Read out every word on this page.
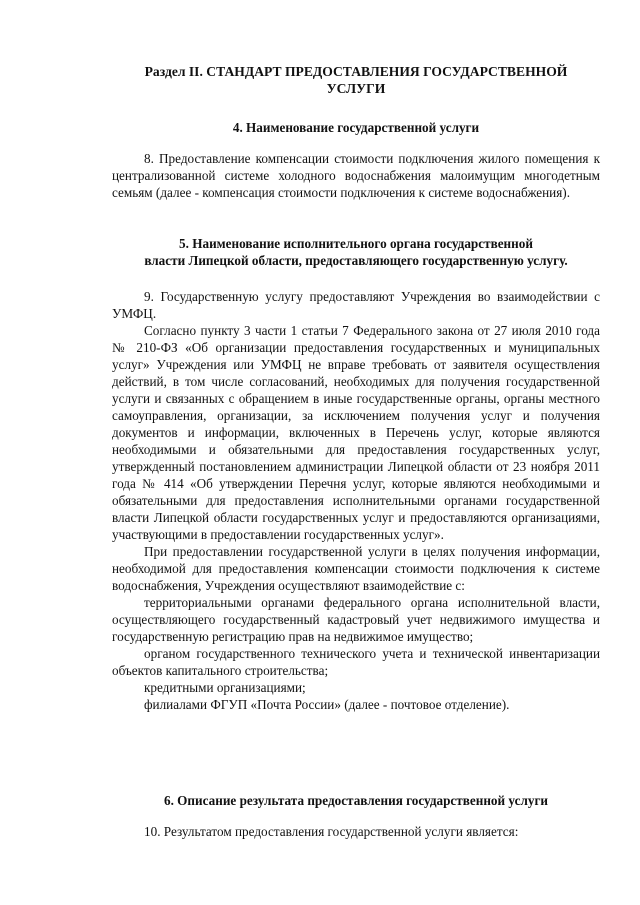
Раздел II. СТАНДАРТ ПРЕДОСТАВЛЕНИЯ ГОСУДАРСТВЕННОЙ
УСЛУГИ
4. Наименование государственной услуги

8. Предоставление компенсации стоимости подключения жилого помещения к централизованной системе холодного водоснабжения малоимущим многодетным семьям (далее - компенсация стоимости подключения к системе водоснабжения).

5. Наименование исполнительного органа государственной
власти Липецкой области, предоставляющего государственную услугу.

9. Государственную услугу предоставляют Учреждения во взаимодействии с УМФЦ.

Согласно пункту 3 части 1 статьи 7 Федерального закона от 27 июля 2010 года № 210-ФЗ «Об организации предоставления государственных и муниципальных услуг» Учреждения или УМФЦ не вправе требовать от заявителя осуществления действий, в том числе согласований, необходимых для получения государственной услуги и связанных с обращением в иные государственные органы, органы местного самоуправления, организации, за исключением получения услуг и получения документов и информации, включенных в Перечень услуг, которые являются необходимыми и обязательными для предоставления государственных услуг, утвержденный постановлением администрации Липецкой области от 23 ноября 2011 года № 414 «Об утверждении Перечня услуг, которые являются необходимыми и обязательными для предоставления исполнительными органами государственной власти Липецкой области государственных услуг и предоставляются организациями, участвующими в предоставлении государственных услуг».

При предоставлении государственной услуги в целях получения информации, необходимой для предоставления компенсации стоимости подключения к системе водоснабжения, Учреждения осуществляют взаимодействие с:

территориальными органами федерального органа исполнительной власти, осуществляющего государственный кадастровый учет недвижимого имущества и государственную регистрацию прав на недвижимое имущество;

органом государственного технического учета и технической инвентаризации объектов капитального строительства;

кредитными организациями;

филиалами ФГУП «Почта России» (далее - почтовое отделение).

6. Описание результата предоставления государственной услуги

10. Результатом предоставления государственной услуги является:
